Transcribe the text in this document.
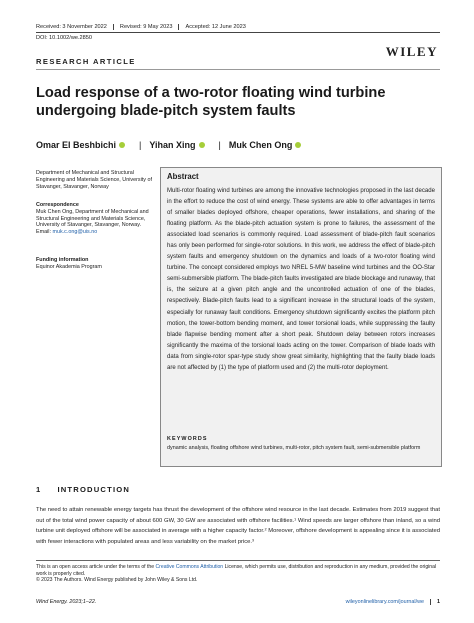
Received: 3 November 2022	Revised: 9 May 2023	Accepted: 12 June 2023
DOI: 10.1002/we.2850
WILEY
RESEARCH ARTICLE
Load response of a two-rotor floating wind turbine undergoing blade-pitch system faults
Omar El Beshbichi	| Yihan Xing	| Muk Chen Ong
Department of Mechanical and Structural Engineering and Materials Science, University of Stavanger, Stavanger, Norway
Correspondence
Muk Chen Ong, Department of Mechanical and Structural Engineering and Materials Science, University of Stavanger, Stavanger, Norway.
Email: muk.c.ong@uis.no
Funding information
Equinor Akademia Program
Abstract
Multi-rotor floating wind turbines are among the innovative technologies proposed in the last decade in the effort to reduce the cost of wind energy. These systems are able to offer advantages in terms of smaller blades deployed offshore, cheaper operations, fewer installations, and sharing of the floating platform. As the blade-pitch actuation system is prone to failures, the assessment of the associated load scenarios is commonly required. Load assessment of blade-pitch fault scenarios has only been performed for single-rotor solutions. In this work, we address the effect of blade-pitch system faults and emergency shutdown on the dynamics and loads of a two-rotor floating wind turbine. The concept considered employs two NREL 5-MW baseline wind turbines and the OO-Star semi-submersible platform. The blade-pitch faults investigated are blade blockage and runaway, that is, the seizure at a given pitch angle and the uncontrolled actuation of one of the blades, respectively. Blade-pitch faults lead to a significant increase in the structural loads of the system, especially for runaway fault conditions. Emergency shutdown significantly excites the platform pitch motion, the tower-bottom bending moment, and tower torsional loads, while suppressing the faulty blade flapwise bending moment after a short peak. Shutdown delay between rotors increases significantly the maxima of the torsional loads acting on the tower. Comparison of blade loads with data from single-rotor spar-type study show great similarity, highlighting that the faulty blade loads are not affected by (1) the type of platform used and (2) the multi-rotor deployment.
KEYWORDS
dynamic analysis, floating offshore wind turbines, multi-rotor, pitch system fault, semi-submersible platform
1 INTRODUCTION
The need to attain renewable energy targets has thrust the development of the offshore wind resource in the last decade. Estimates from 2019 suggest that out of the total wind power capacity of about 600 GW, 30 GW are associated with offshore facilities.¹ Wind speeds are larger offshore than inland, so a wind turbine unit deployed offshore will be associated in average with a higher capacity factor.² Moreover, offshore development is appealing since it is associated with fewer interactions with populated areas and less variability on the market price.³
This is an open access article under the terms of the Creative Commons Attribution License, which permits use, distribution and reproduction in any medium, provided the original work is properly cited.
© 2023 The Authors. Wind Energy published by John Wiley & Sons Ltd.
Wind Energy. 2023;1–22.	wileyonlinelibrary.com/journal/we	1
